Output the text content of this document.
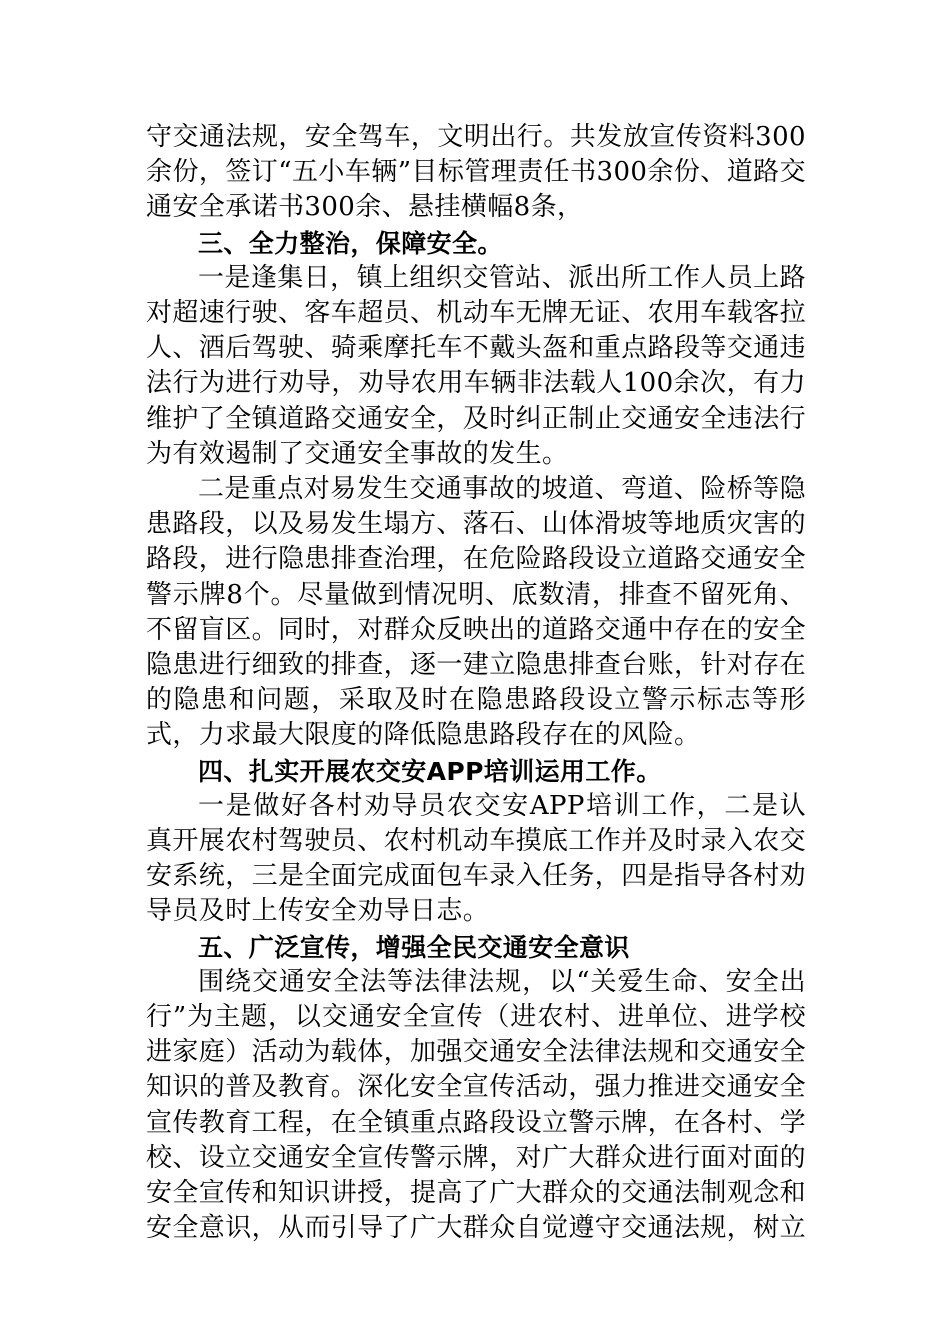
守交通法规，安全驾车，文明出行。共发放宣传资料300余份，签订“五小车辆”目标管理责任书300余份、道路交通安全承诺书300余、悬挂横幅8条，

三、全力整治，保障安全。

一是逢集日，镇上组织交管站、派出所工作人员上路对超速行驶、客车超员、机动车无牌无证、农用车载客拉人、酒后驾驶、骑乘摩托车不戴头盔和重点路段等交通违法行为进行劝导，劝导农用车辆非法载人100余次，有力维护了全镇道路交通安全，及时纠正制止交通安全违法行为有效遏制了交通安全事故的发生。

二是重点对易发生交通事故的坡道、弯道、险桥等隐患路段，以及易发生塌方、落石、山体滑坡等地质灾害的路段，进行隐患排查治理，在危险路段设立道路交通安全警示牌8个。尽量做到情况明、底数清，排查不留死角、不留盲区。同时，对群众反映出的道路交通中存在的安全隐患进行细致的排查，逐一建立隐患排查台账，针对存在的隐患和问题，采取及时在隐患路段设立警示标志等形式，力求最大限度的降低隐患路段存在的风险。

四、扎实开展农交安APP培训运用工作。

一是做好各村劝导员农交安APP培训工作，二是认真开展农村驾驶员、农村机动车摸底工作并及时录入农交安系统，三是全面完成面包车录入任务，四是指导各村劝导员及时上传安全劝导日志。

五、广泛宣传，增强全民交通安全意识

围绕交通安全法等法律法规，以“关爱生命、安全出行”为主题，以交通安全宣传（进农村、进单位、进学校进家庭）活动为载体，加强交通安全法律法规和交通安全知识的普及教育。深化安全宣传活动，强力推进交通安全宣传教育工程，在全镇重点路段设立警示牌，在各村、学校、设立交通安全宣传警示牌，对广大群众进行面对面的安全宣传和知识讲授，提高了广大群众的交通法制观念和安全意识，从而引导了广大群众自觉遵守交通法规，树立
